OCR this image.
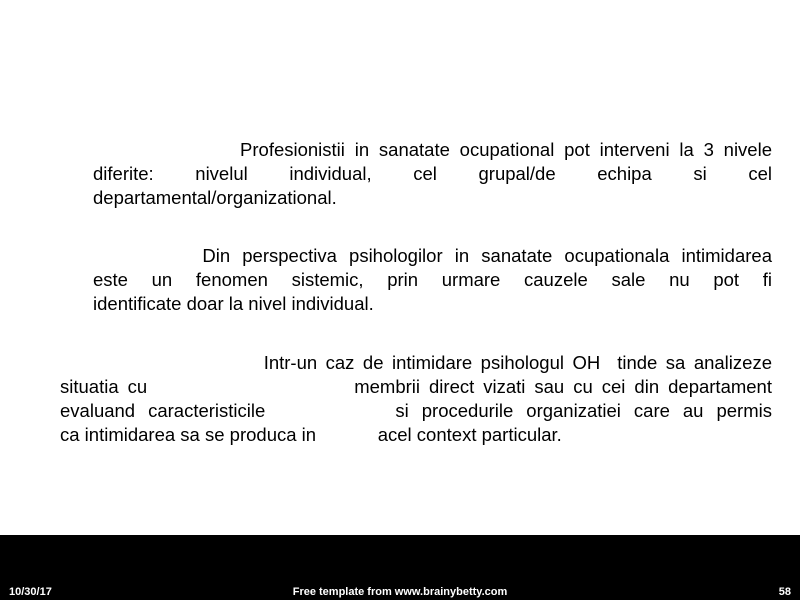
Profesionistii in sanatate ocupational pot interveni la 3 nivele
diferite: nivelul individual, cel grupal/de echipa si cel
departamental/organizational.
Din perspectiva psihologilor in sanatate ocupationala intimidarea
este un fenomen sistemic, prin urmare cauzele sale nu pot fi
identificate doar la nivel individual.
Intr-un caz de intimidare psihologul OH  tinde sa analizeze
situatia cu                       membrii direct vizati sau cu cei din departament
evaluand caracteristicile          si procedurile organizatiei care au permis
ca intimidarea sa se produca in            acel context particular.
10/30/17	Free template from www.brainybetty.com	58
